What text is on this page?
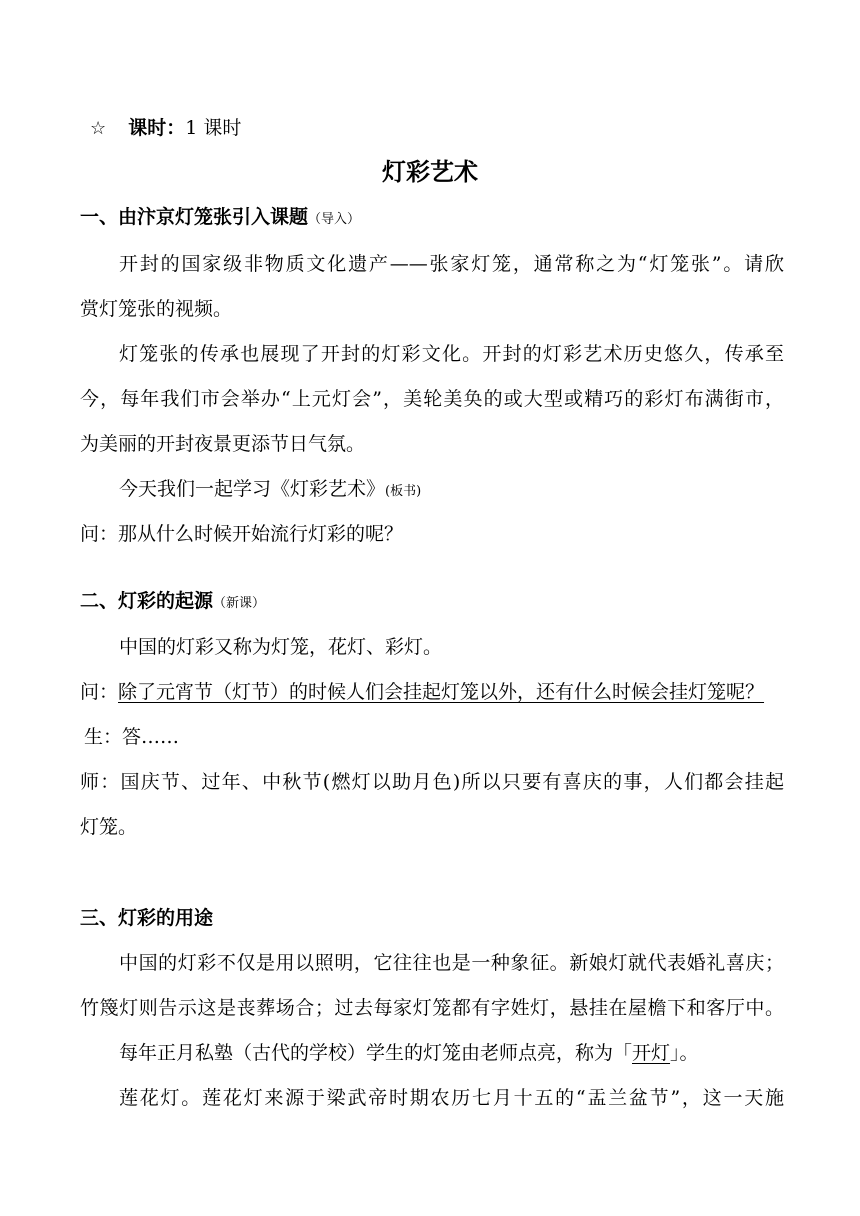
☆ 课时：1 课时
灯彩艺术
一、由汴京灯笼张引入课题（导入）
开封的国家级非物质文化遗产——张家灯笼，通常称之为“灯笼张”。请欣
赏灯笼张的视频。
灯笼张的传承也展现了开封的灯彩文化。开封的灯彩艺术历史悠久，传承至
今，每年我们市会举办“上元灯会”，美轮美奂的或大型或精巧的彩灯布满街市，
为美丽的开封夜景更添节日气氛。
今天我们一起学习《灯彩艺术》(板书)
问：那从什么时候开始流行灯彩的呢？
二、灯彩的起源（新课）
中国的灯彩又称为灯笼，花灯、彩灯。
问：除了元宵节（灯节）的时候人们会挂起灯笼以外，还有什么时候会挂灯笼呢？
生：答……
师：国庆节、过年、中秋节(燃灯以助月色)所以只要有喜庆的事，人们都会挂起
灯笼。
三、灯彩的用途
中国的灯彩不仅是用以照明，它往往也是一种象征。新娘灯就代表婚礼喜庆；
竹篾灯则告示这是丧葬场合；过去每家灯笼都有字姓灯，悬挂在屋檐下和客厅中。
每年正月私塾（古代的学校）学生的灯笼由老师点亮，称为「开灯」。
莲花灯。莲花灯来源于梁武帝时期农历七月十五的“盂兰盆节”，这一天施
